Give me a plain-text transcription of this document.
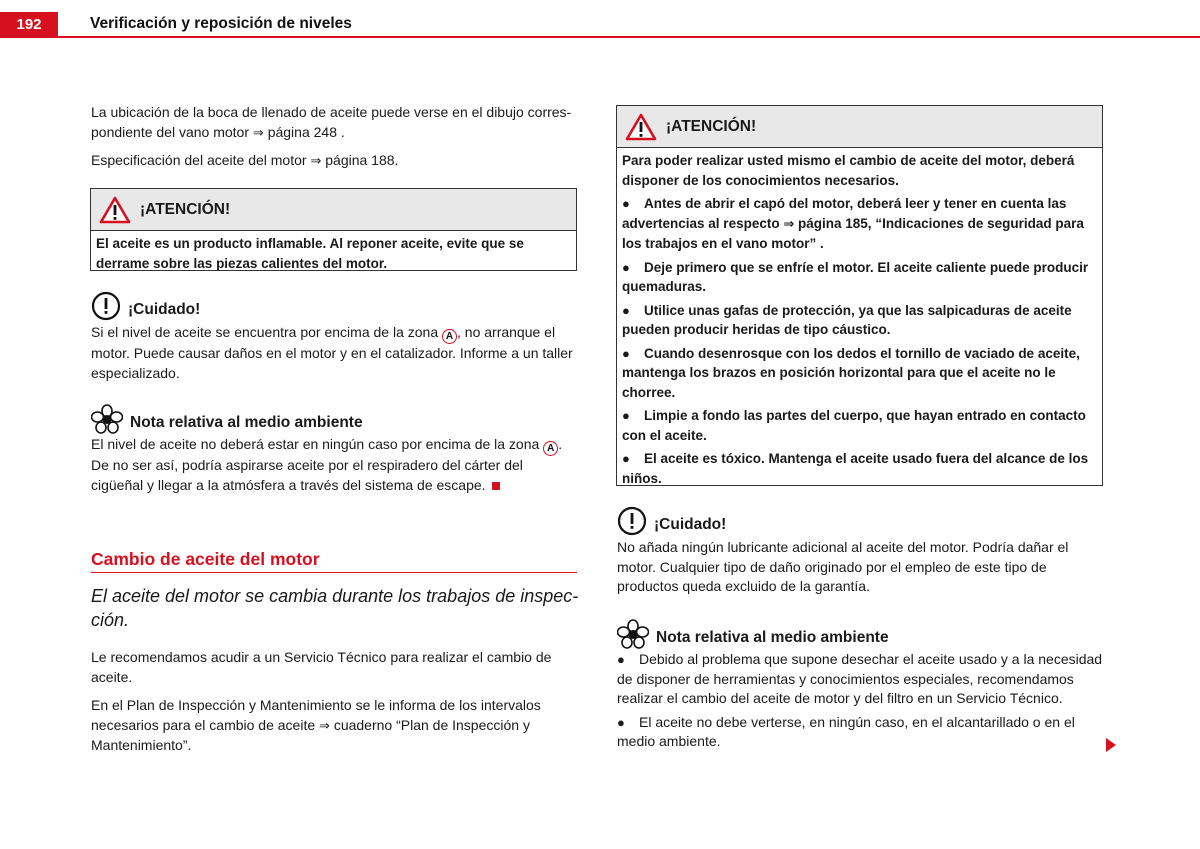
192	Verificación y reposición de niveles

La ubicación de la boca de llenado de aceite puede verse en el dibujo corres-pondiente del vano motor ⇒ página 248 .

Especificación del aceite del motor ⇒ página 188.

¡ATENCIÓN!
El aceite es un producto inflamable. Al reponer aceite, evite que se derrame sobre las piezas calientes del motor.
¡Cuidado!

Si el nivel de aceite se encuentra por encima de la zona A , no arranque el motor. Puede causar daños en el motor y en el catalizador. Informe a un taller especializado.

Nota relativa al medio ambiente

El nivel de aceite no deberá estar en ningún caso por encima de la zona A . De no ser así, podría aspirarse aceite por el respiradero del cárter del cigüeñal y llegar a la atmósfera a través del sistema de escape.

Cambio de aceite del motor
El aceite del motor se cambia durante los trabajos de inspec-ción.

Le recomendamos acudir a un Servicio Técnico para realizar el cambio de aceite.

En el Plan de Inspección y Mantenimiento se le informa de los intervalos necesarios para el cambio de aceite ⇒ cuaderno “Plan de Inspección y Mantenimiento”.

¡ATENCIÓN!
Para poder realizar usted mismo el cambio de aceite del motor, deberá disponer de los conocimientos necesarios.
● Antes de abrir el capó del motor, deberá leer y tener en cuenta las advertencias al respecto ⇒ página 185, “Indicaciones de seguridad para los trabajos en el vano motor” .
● Deje primero que se enfríe el motor. El aceite caliente puede producir quemaduras.
● Utilice unas gafas de protección, ya que las salpicaduras de aceite pueden producir heridas de tipo cáustico.
● Cuando desenrosque con los dedos el tornillo de vaciado de aceite, mantenga los brazos en posición horizontal para que el aceite no le chorree.
● Limpie a fondo las partes del cuerpo, que hayan entrado en contacto con el aceite.
● El aceite es tóxico. Mantenga el aceite usado fuera del alcance de los niños.
¡Cuidado!

No añada ningún lubricante adicional al aceite del motor. Podría dañar el motor. Cualquier tipo de daño originado por el empleo de este tipo de productos queda excluido de la garantía.

Nota relativa al medio ambiente

● Debido al problema que supone desechar el aceite usado y a la necesidad de disponer de herramientas y conocimientos especiales, recomendamos realizar el cambio del aceite de motor y del filtro en un Servicio Técnico.

● El aceite no debe verterse, en ningún caso, en el alcantarillado o en el medio ambiente.
